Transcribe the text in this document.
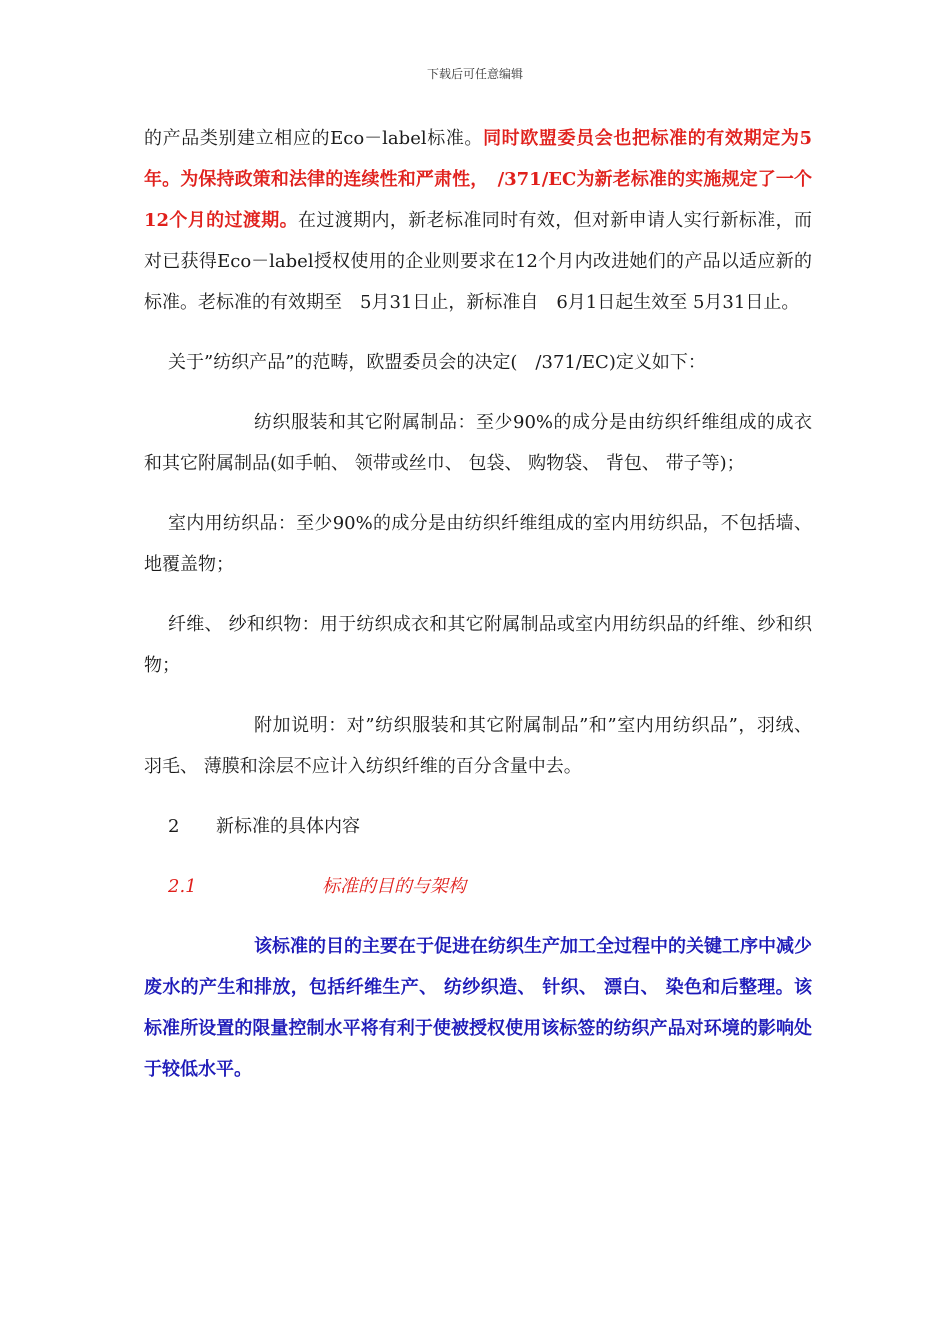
下载后可任意编辑

的产品类别建立相应的Eco－label标准。同时欧盟委员会也把标准的有效期定为5年。为保持政策和法律的连续性和严肃性，　/371/EC为新老标准的实施规定了一个12个月的过渡期。在过渡期内，新老标准同时有效，但对新申请人实行新标准，而对已获得Eco－label授权使用的企业则要求在12个月内改进她们的产品以适应新的标准。老标准的有效期至　5月31日止，新标准自　6月1日起生效至 5月31日止。

关于”纺织产品”的范畴，欧盟委员会的决定(　/371/EC)定义如下：

纺织服装和其它附属制品：至少90%的成分是由纺织纤维组成的成衣和其它附属制品(如手帕、 领带或丝巾、 包袋、 购物袋、 背包、 带子等)；

室内用纺织品：至少90%的成分是由纺织纤维组成的室内用纺织品，不包括墙、 地覆盖物；

纤维、 纱和织物：用于纺织成衣和其它附属制品或室内用纺织品的纤维、纱和织物；

附加说明：对”纺织服装和其它附属制品”和”室内用纺织品”，羽绒、 羽毛、 薄膜和涂层不应计入纺织纤维的百分含量中去。

2 新标准的具体内容

2.1	标准的目的与架构

该标准的目的主要在于促进在纺织生产加工全过程中的关键工序中减少废水的产生和排放，包括纤维生产、 纺纱织造、 针织、 漂白、 染色和后整理。该标准所设置的限量控制水平将有利于使被授权使用该标签的纺织产品对环境的影响处于较低水平。
